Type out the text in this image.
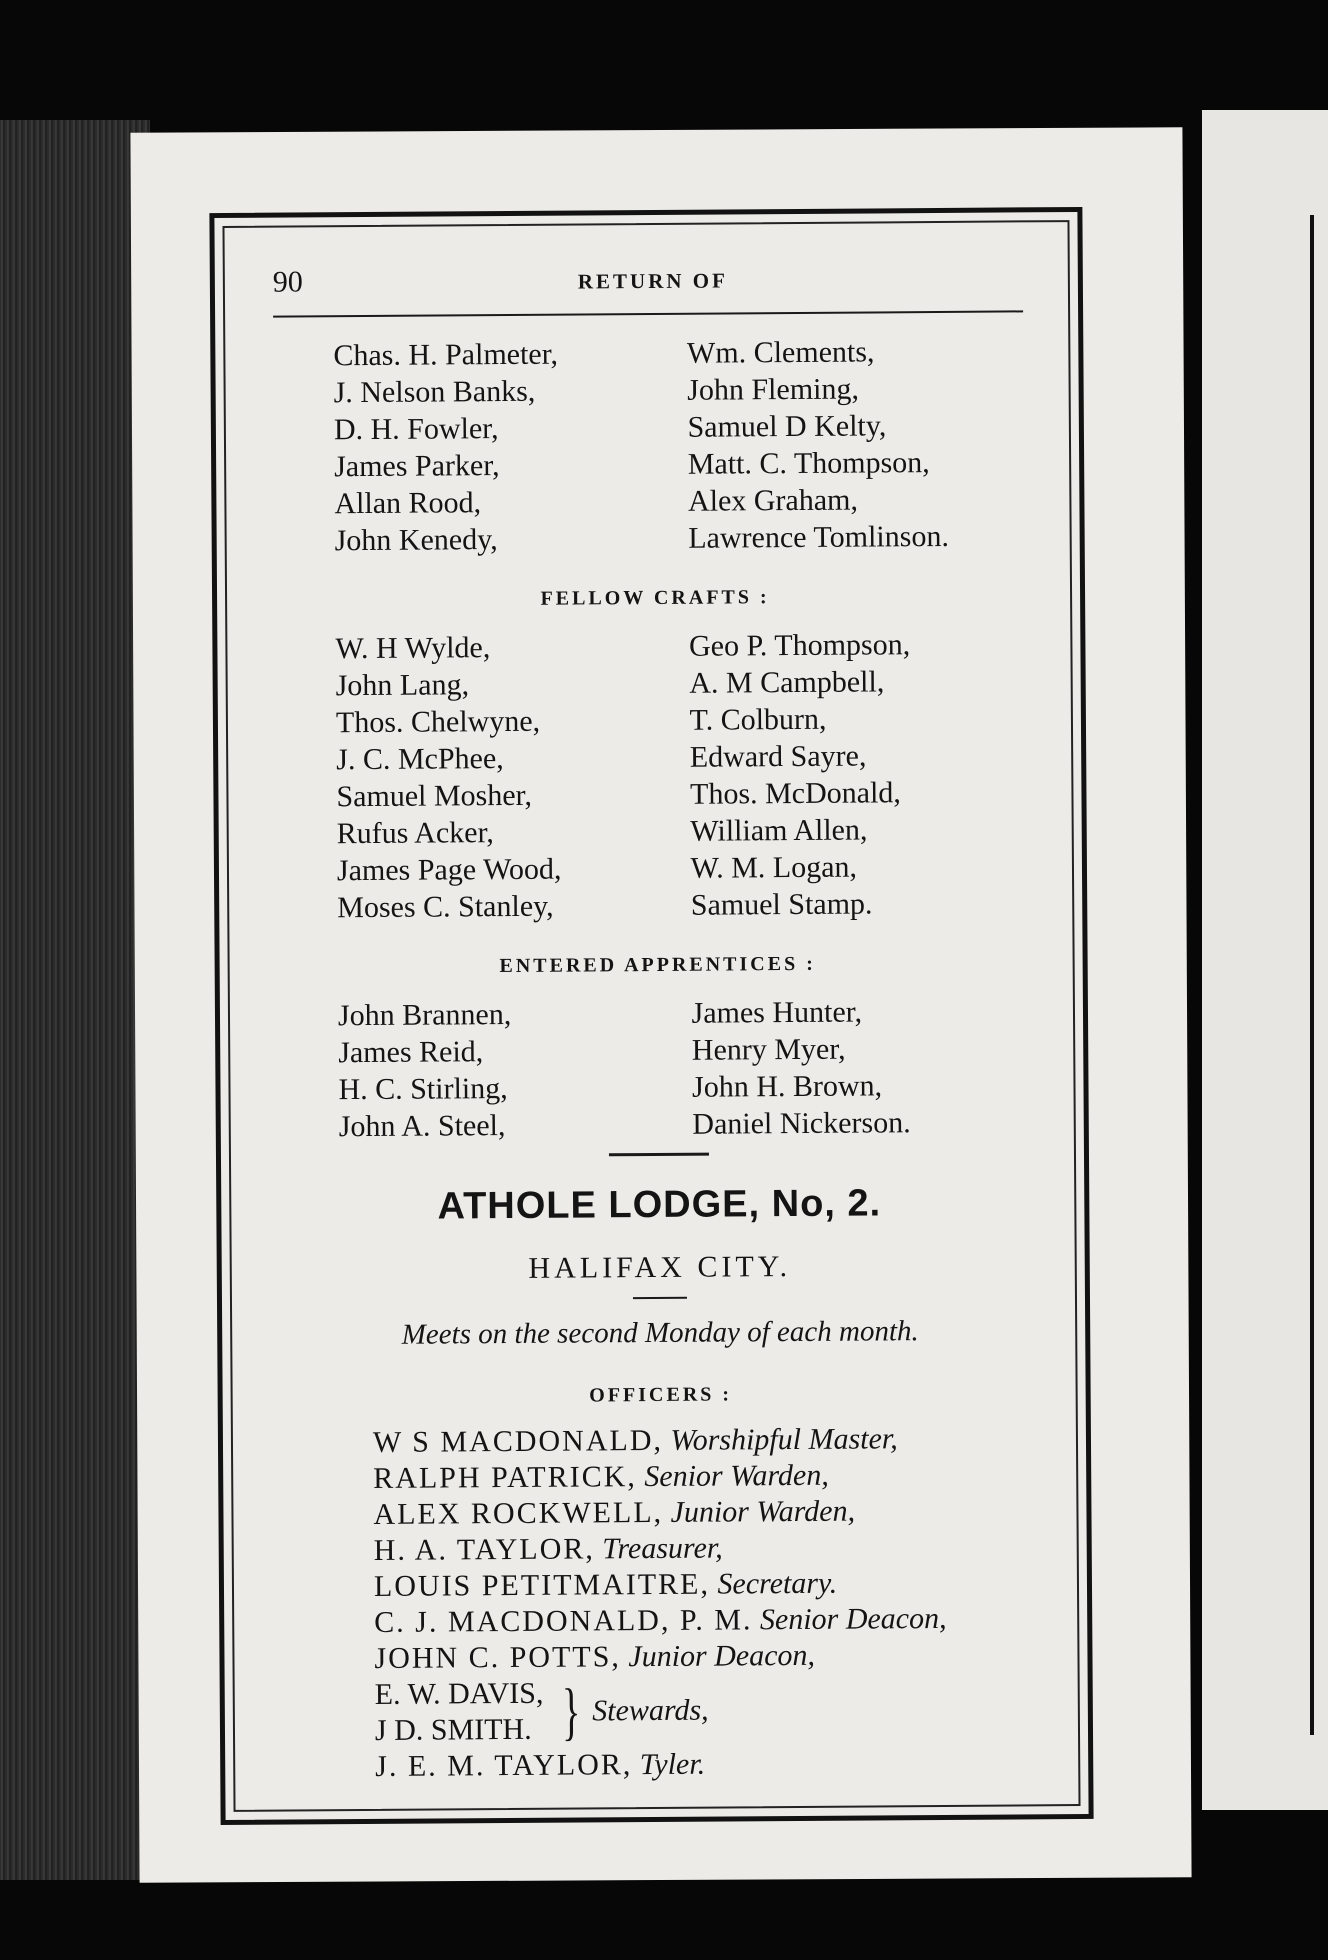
90	RETURN OF
Chas. H. Palmeter,
J. Nelson Banks,
D. H. Fowler,
James Parker,
Allan Rood,
John Kenedy,
Wm. Clements,
John Fleming,
Samuel D Kelty,
Matt. C. Thompson,
Alex Graham,
Lawrence Tomlinson.
FELLOW CRAFTS :
W. H Wylde,
John Lang,
Thos. Chelwyne,
J. C. McPhee,
Samuel Mosher,
Rufus Acker,
James Page Wood,
Moses C. Stanley,
Geo P. Thompson,
A. M Campbell,
T. Colburn,
Edward Sayre,
Thos. McDonald,
William Allen,
W. M. Logan,
Samuel Stamp.
ENTERED APPRENTICES :
John Brannen,
James Reid,
H. C. Stirling,
John A. Steel,
James Hunter,
Henry Myer,
John H. Brown,
Daniel Nickerson.
ATHOLE LODGE, No, 2.
HALIFAX CITY.
Meets on the second Monday of each month.
OFFICERS :
W S MACDONALD, Worshipful Master,
RALPH PATRICK, Senior Warden,
ALEX ROCKWELL, Junior Warden,
H. A. TAYLOR, Treasurer,
LOUIS PETITMAITRE, Secretary.
C. J. MACDONALD, P. M. Senior Deacon,
JOHN C. POTTS, Junior Deacon,
E. W. DAVIS,
J D. SMITH. } Stewards,
J. E. M. TAYLOR, Tyler.
